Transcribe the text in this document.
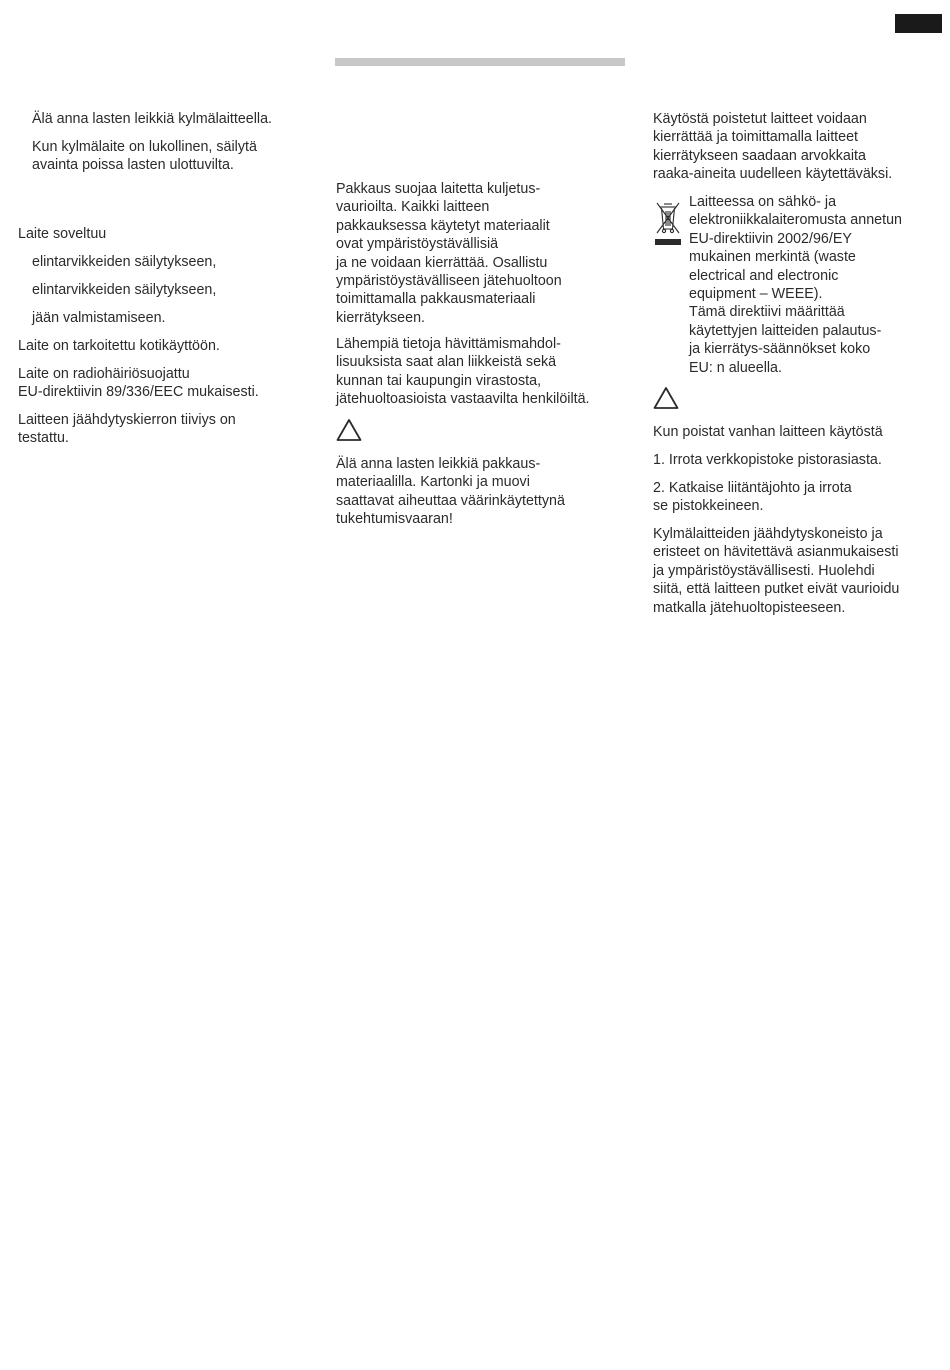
Älä anna lasten leikkiä kylmälaitteella.

Kun kylmälaite on lukollinen, säilytä
avainta poissa lasten ulottuvilta.

Laite soveltuu

elintarvikkeiden säilytykseen,

elintarvikkeiden säilytykseen,

jään valmistamiseen.

Laite on tarkoitettu kotikäyttöön.

Laite on radiohäiriösuojattu
EU-direktiivin 89/336/EEC mukaisesti.

Laitteen jäähdytyskierron tiiviys on
testattu.

Pakkaus suojaa laitetta kuljetus-
vaurioilta. Kaikki laitteen
pakkauksessa käytetyt materiaalit
ovat ympäristöystävällisiä
ja ne voidaan kierrättää. Osallistu
ympäristöystävälliseen jätehuoltoon
toimittamalla pakkausmateriaali
kierrätykseen.

Lähempiä tietoja hävittämismahdol-
lisuuksista saat alan liikkeistä sekä
kunnan tai kaupungin virastosta,
jätehuoltoasioista vastaavilta henkilöiltä.

Älä anna lasten leikkiä pakkaus-
materiaalilla. Kartonki ja muovi
saattavat aiheuttaa väärinkäytettynä
tukehtumisvaaran!

Käytöstä poistetut laitteet voidaan
kierrättää ja toimittamalla laitteet
kierrätykseen saadaan arvokkaita
raaka-aineita uudelleen käytettäväksi.

Laitteessa on sähkö- ja
elektroniikkalaiteromusta annetun
EU-direktiivin 2002/96/EY
mukainen merkintä (waste
electrical and electronic
equipment – WEEE).
Tämä direktiivi määrittää
käytettyjen laitteiden palautus-
ja kierrätys-säännökset koko
EU: n alueella.

Kun poistat vanhan laitteen käytöstä

1. Irrota verkkopistoke pistorasiasta.

2. Katkaise liitäntäjohto ja irrota
se pistokkeineen.

Kylmälaitteiden jäähdytyskoneisto ja
eristeet on hävitettävä asianmukaisesti
ja ympäristöystävällisesti. Huolehdi
siitä, että laitteen putket eivät vaurioidu
matkalla jätehuoltopisteeseen.
